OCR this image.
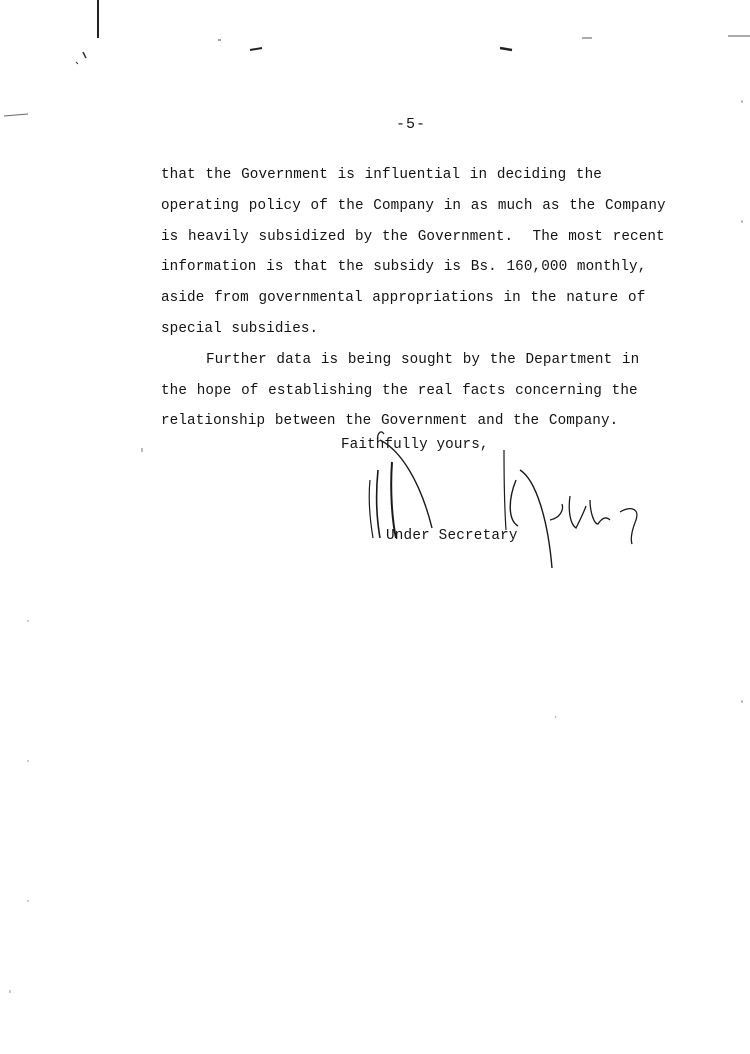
-5-
that the Government is influential in deciding the
operating policy of the Company in as much as the Company
is heavily subsidized by the Government.  The most recent
information is that the subsidy is Bs. 160,000 monthly,
aside from governmental appropriations in the nature of
special subsidies.
Further data is being sought by the Department in
the hope of establishing the real facts concerning the
relationship between the Government and the Company.
Faithfully yours,
Under Secretary
